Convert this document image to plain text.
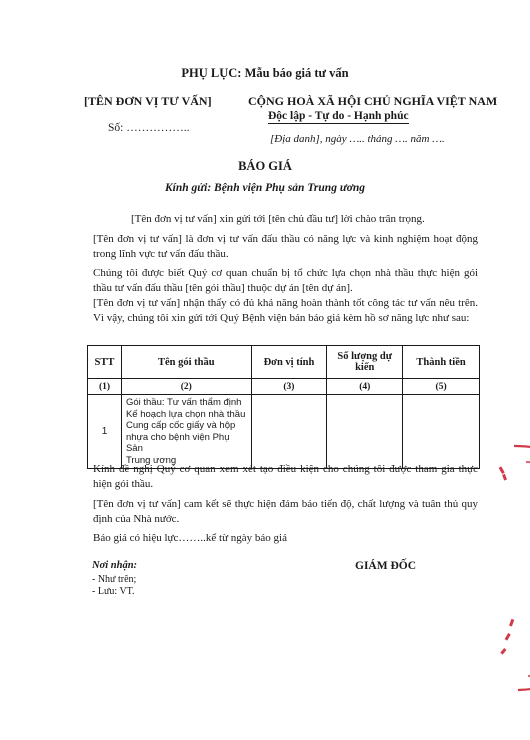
PHỤ LỤC: Mẫu báo giá tư vấn
[TÊN ĐƠN VỊ TƯ VẤN]	CỘNG HOÀ XÃ HỘI CHỦ NGHĨA VIỆT NAM
Độc lập - Tự do - Hạnh phúc
Số: ……………..
[Địa danh], ngày ….. tháng …. năm ….
BÁO GIÁ
Kính gửi: Bệnh viện Phụ sản Trung ương
[Tên đơn vị tư vấn] xin gửi tới [tên chủ đầu tư] lời chào trân trọng.
[Tên đơn vị tư vấn] là đơn vị tư vấn đấu thầu có năng lực và kinh nghiệm hoạt động trong lĩnh vực tư vấn đấu thầu.
Chúng tôi được biết Quý cơ quan chuẩn bị tổ chức lựa chọn nhà thầu thực hiện gói thầu tư vấn đấu thầu [tên gói thầu] thuộc dự án [tên dự án].
[Tên đơn vị tư vấn] nhận thấy có đủ khả năng hoàn thành tốt công tác tư vấn nêu trên. Vì vậy, chúng tôi xin gửi tới Quý Bệnh viện bản báo giá kèm hồ sơ năng lực như sau:
STT	Tên gói thầu	Đơn vị tính	Số lượng dự kiến	Thành tiền
(1)	(2)	(3)	(4)	(5)
1	Gói thầu: Tư vấn thẩm định
Kế hoạch lựa chọn nhà thầu
Cung cấp cốc giấy và hộp
nhựa cho bệnh viện Phụ Sản
Trung ương			

Kính đề nghị Quý cơ quan xem xét tạo điều kiện cho chúng tôi được tham gia thực hiện gói thầu.
[Tên đơn vị tư vấn] cam kết sẽ thực hiện đảm bảo tiến độ, chất lượng và tuân thủ quy định của Nhà nước.
Báo giá có hiệu lực……..kể từ ngày báo giá
Nơi nhận:
- Như trên;
- Lưu: VT.
GIÁM ĐỐC
